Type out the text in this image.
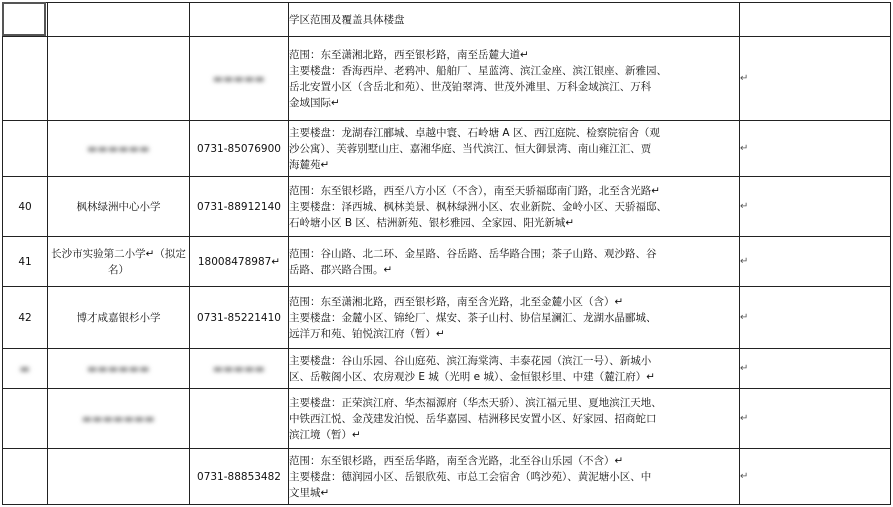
			学区范围及覆盖具体楼盘	
		▬▬▬▬▬	范围：东至潇湘北路，西至银杉路，南至岳麓大道↵
主要楼盘：香海西岸、老鸦冲、船舶厂、星蓝湾、滨江金座、滨江银座、新雅园、
岳北安置小区（含岳北和苑）、世茂铂翠湾、世茂外滩里、万科金域滨江、万科
金域国际↵	↵
	▬▬▬▬▬▬	0731-85076900	主要楼盘：龙湖春江郦城、卓越中寰、石岭塘 A 区、西江庭院、检察院宿舍（观
沙公寓）、芙蓉别墅山庄、嘉湘华庭、当代滨江、恒大御景湾、南山雍江汇、贾
海麓苑↵	↵
40	枫林绿洲中心小学	0731-88912140	范围：东至银杉路，西至八方小区（不含），南至天骄福邸南门路，北至含光路↵
主要楼盘：泽西城、枫林美景、枫林绿洲小区、农业新院、金岭小区、天骄福邸、
石岭塘小区 B 区、桔洲新苑、银杉雅园、全家园、阳光新城↵	↵
41	长沙市实验第二小学↵（拟定名）	18008478987↵	范围：谷山路、北二环、金星路、谷岳路、岳华路合围；茶子山路、观沙路、谷
岳路、郡兴路合围。↵	↵
42	博才咸嘉银杉小学	0731-85221410	范围：东至潇湘北路，西至银杉路，南至含光路，北至金麓小区（含）↵
主要楼盘：金麓小区、锦纶厂、煤安、茶子山村、协信星澜汇、龙湖水晶郦城、
远洋万和苑、铂悦滨江府（暂）↵	↵
▬	▬▬▬▬▬▬	▬▬▬▬▬	主要楼盘：谷山乐园、谷山庭苑、滨江海棠湾、丰泰花园（滨江一号）、新城小
区、岳鞍阁小区、农房观沙 E 城（光明 e 城）、金恒银杉里、中建（麓江府）↵	↵
	▬▬▬▬▬▬▬		主要楼盘：正荣滨江府、华杰福源府（华杰天骄）、滨江福元里、夏地滨江天地、
中铁西江悦、金茂建发泊悦、岳华嘉园、桔洲移民安置小区、好家园、招商蛇口
滨江境（暂）↵	↵
		0731-88853482	范围：东至银杉路，西至岳华路，南至含光路，北至谷山乐园（不含）↵
主要楼盘：德润园小区、岳银欣苑、市总工会宿舍（鸣沙苑）、黄泥塘小区、中
文里城↵	↵
